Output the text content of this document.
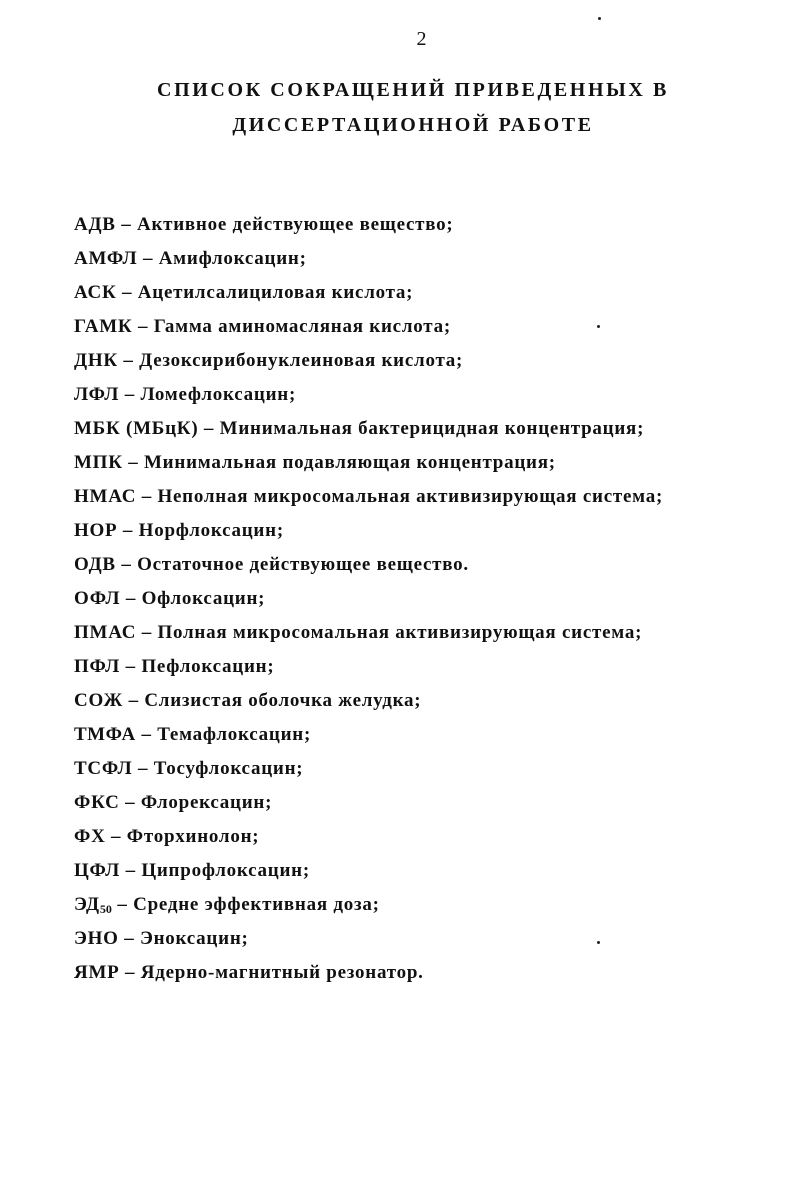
2
СПИСОК СОКРАЩЕНИЙ ПРИВЕДЕННЫХ В
ДИССЕРТАЦИОННОЙ РАБОТЕ
АДВ – Активное действующее вещество;
АМФЛ – Амифлоксацин;
АСК – Ацетилсалициловая кислота;
ГАМК – Гамма аминомасляная кислота;
ДНК – Дезоксирибонуклеиновая кислота;
ЛФЛ – Ломефлоксацин;
МБК (МБцК) – Минимальная бактерицидная концентрация;
МПК – Минимальная подавляющая концентрация;
НМАС – Неполная микросомальная активизирующая система;
НОР – Норфлоксацин;
ОДВ – Остаточное действующее вещество.
ОФЛ – Офлоксацин;
ПМАС – Полная микросомальная активизирующая система;
ПФЛ – Пефлоксацин;
СОЖ – Слизистая оболочка желудка;
ТМФА – Темафлоксацин;
ТСФЛ – Тосуфлоксацин;
ФКС – Флорексацин;
ФХ – Фторхинолон;
ЦФЛ – Ципрофлоксацин;
$ЭД_{50}$ – Средне эффективная доза;
ЭНО – Эноксацин;
ЯМР – Ядерно-магнитный резонатор.
